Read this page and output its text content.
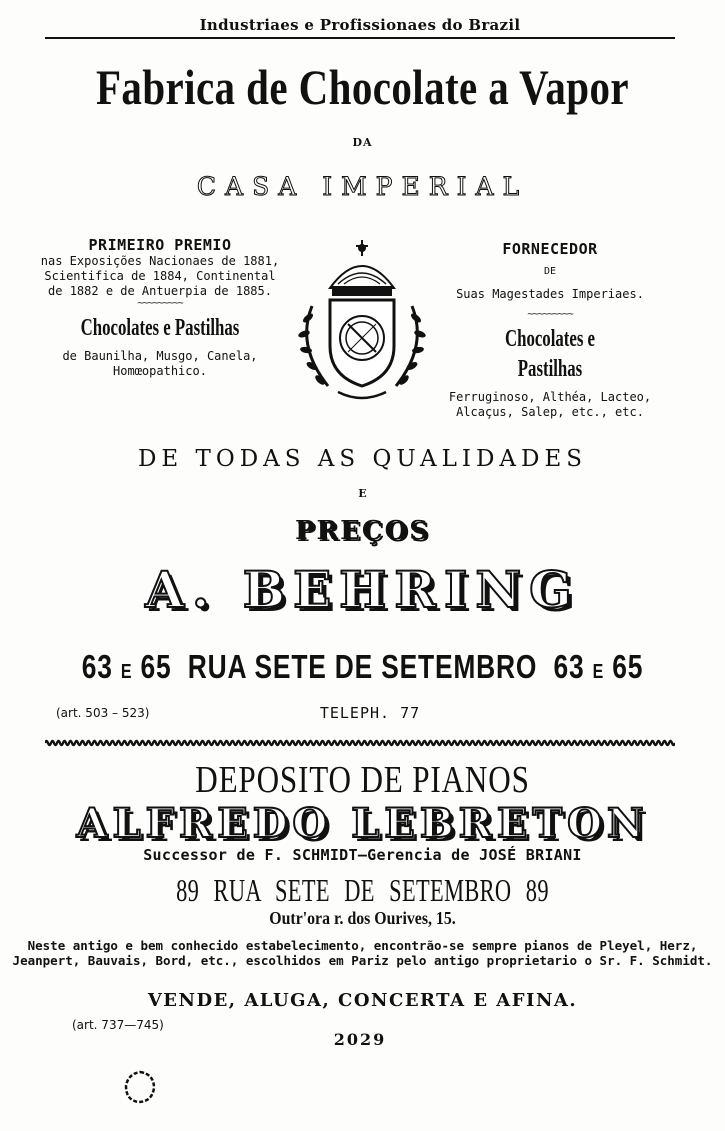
Industriaes e Profissionaes do Brazil
Fabrica de Chocolate a Vapor
DA
CASA IMPERIAL
PRIMEIRO PREMIO
nas Exposições Nacionaes de 1881, Scientifica de 1884, Continental de 1882 e de Antuerpia de 1885.
~~~~~~~~~
Chocolates e Pastilhas
de Baunilha, Musgo, Canela, Homœopathico.
FORNECEDOR
DE
Suas Magestades Imperiaes.
~~~~~~~~~
Chocolates e Pastilhas
Ferruginoso, Althéa, Lacteo, Alcaçus, Salep, etc., etc.
DE TODAS AS QUALIDADES
E
PREÇOS
A. BEHRING
63 E 65 RUA SETE DE SETEMBRO 63 E 65
(art. 503 – 523)	TELEPH. 77
DEPOSITO DE PIANOS
ALFREDO LEBRETON
Successor de F. SCHMIDT—Gerencia de JOSÉ BRIANI
89 RUA SETE DE SETEMBRO 89
Outr'ora r. dos Ourives, 15.
Neste antigo e bem conhecido estabelecimento, encontrão-se sempre pianos de Pleyel, Herz, Jeanpert, Bauvais, Bord, etc., escolhidos em Pariz pelo antigo proprietario o Sr. F. Schmidt.
VENDE, ALUGA, CONCERTA E AFINA.
(art. 737—745)
2029
